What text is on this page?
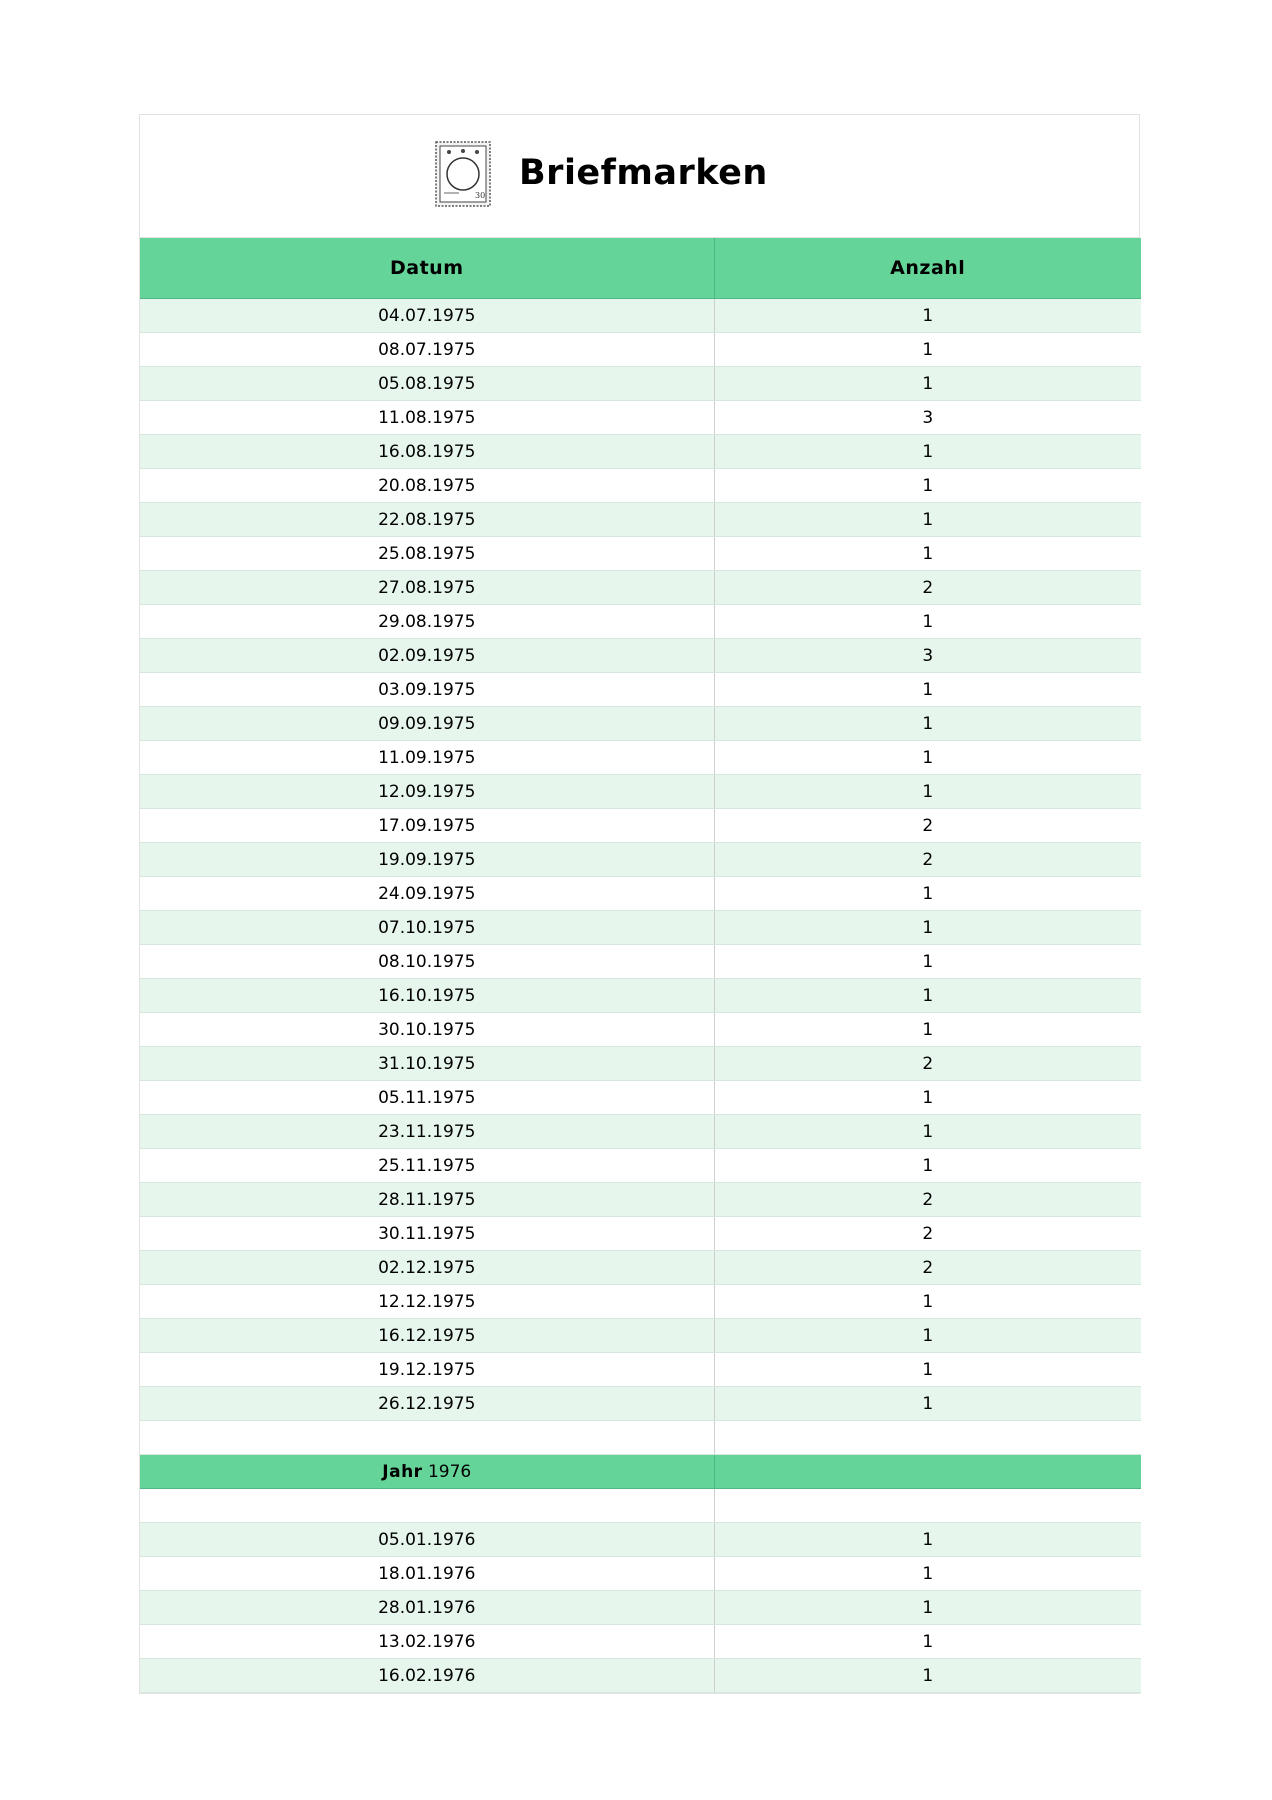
30
Briefmarken
Datum	Anzahl
04.07.1975	1
08.07.1975	1
05.08.1975	1
11.08.1975	3
16.08.1975	1
20.08.1975	1
22.08.1975	1
25.08.1975	1
27.08.1975	2
29.08.1975	1
02.09.1975	3
03.09.1975	1
09.09.1975	1
11.09.1975	1
12.09.1975	1
17.09.1975	2
19.09.1975	2
24.09.1975	1
07.10.1975	1
08.10.1975	1
16.10.1975	1
30.10.1975	1
31.10.1975	2
05.11.1975	1
23.11.1975	1
25.11.1975	1
28.11.1975	2
30.11.1975	2
02.12.1975	2
12.12.1975	1
16.12.1975	1
19.12.1975	1
26.12.1975	1

Jahr 1976	

05.01.1976	1
18.01.1976	1
28.01.1976	1
13.02.1976	1
16.02.1976	1
